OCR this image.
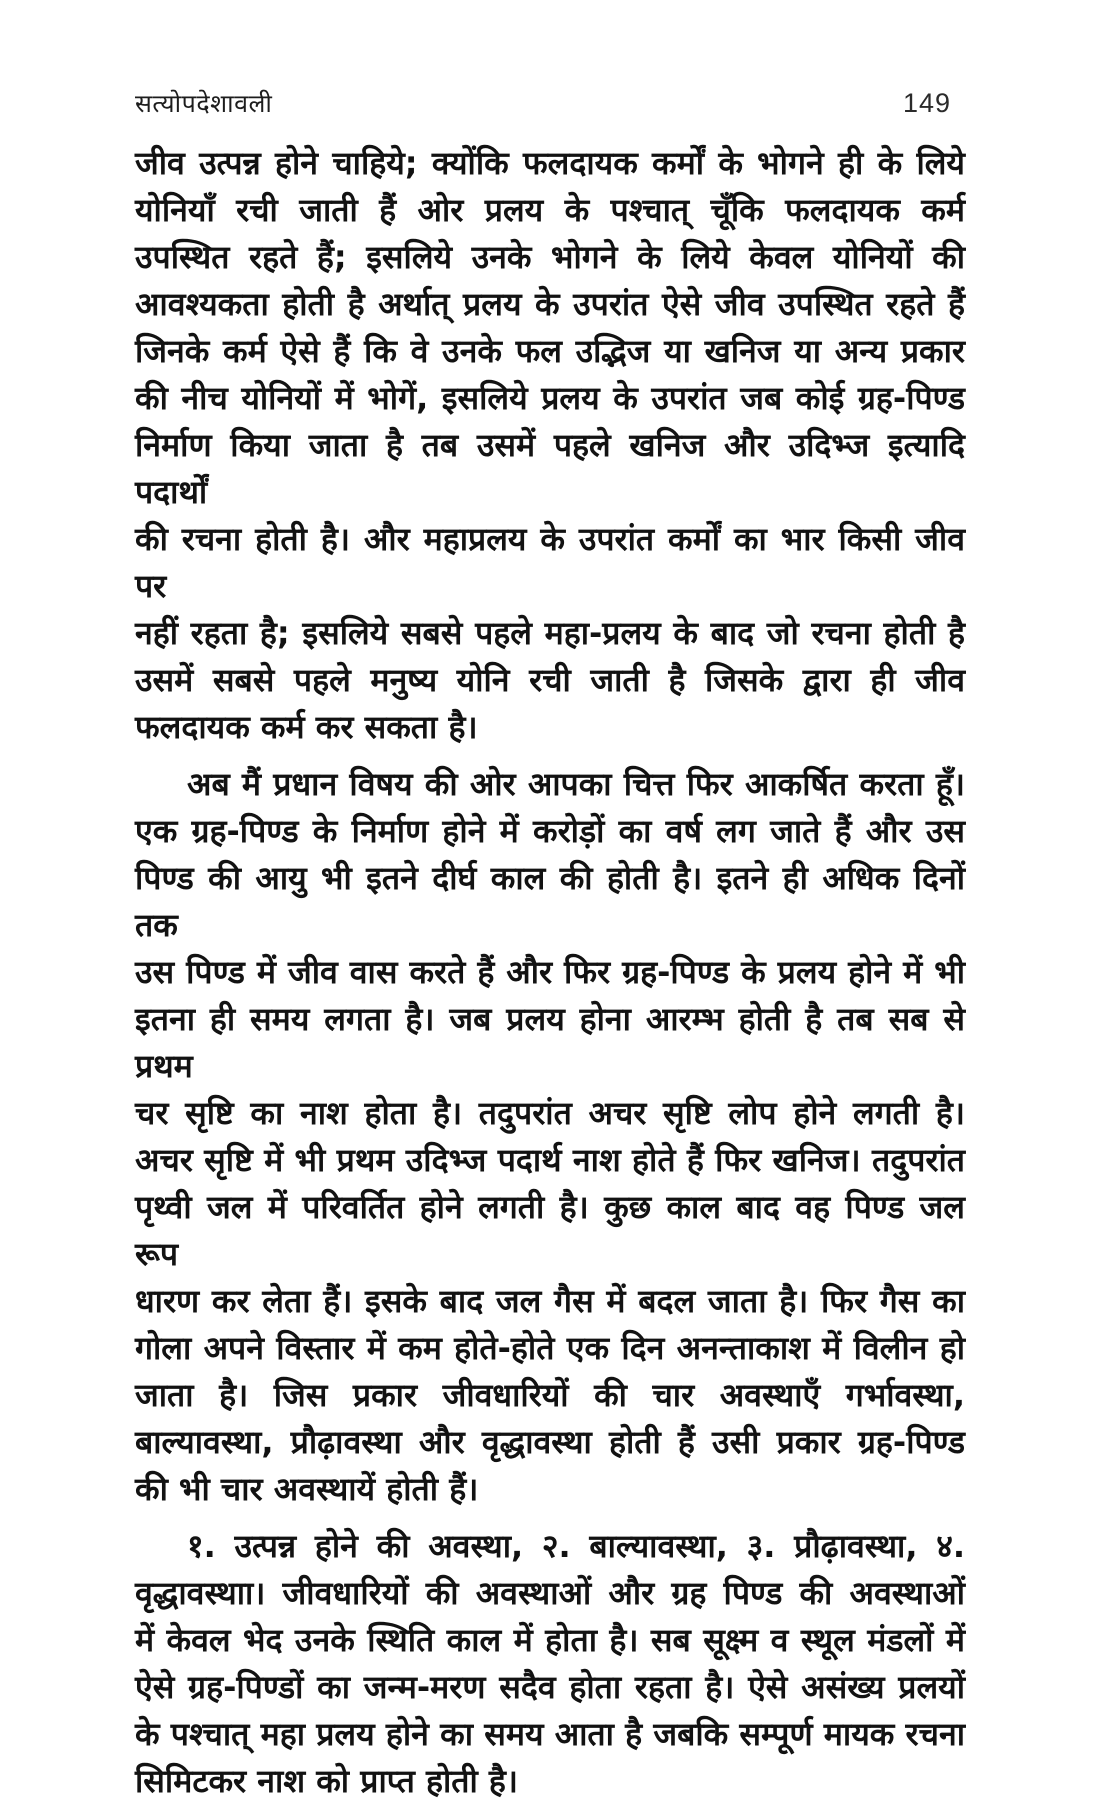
सत्योपदेशावली	149
जीव उत्पन्न होने चाहिये; क्योंकि फलदायक कर्मों के भोगने ही के लिये
योनियाँ रची जाती हैं ओर प्रलय के पश्चात् चूँकि फलदायक कर्म
उपस्थित रहते हैं; इसलिये उनके भोगने के लिये केवल योनियों की
आवश्यकता होती है अर्थात् प्रलय के उपरांत ऐसे जीव उपस्थित रहते हैं
जिनके कर्म ऐसे हैं कि वे उनके फल उद्भिज या खनिज या अन्य प्रकार
की नीच योनियों में भोगें, इसलिये प्रलय के उपरांत जब कोई ग्रह-पिण्ड
निर्माण किया जाता है तब उसमें पहले खनिज और उदिभ्ज इत्यादि पदार्थों
की रचना होती है। और महाप्रलय के उपरांत कर्मों का भार किसी जीव पर
नहीं रहता है; इसलिये सबसे पहले महा-प्रलय के बाद जो रचना होती है
उसमें सबसे पहले मनुष्य योनि रची जाती है जिसके द्वारा ही जीव
फलदायक कर्म कर सकता है।
अब मैं प्रधान विषय की ओर आपका चित्त फिर आकर्षित करता हूँ।
एक ग्रह-पिण्ड के निर्माण होने में करोड़ों का वर्ष लग जाते हैं और उस
पिण्ड की आयु भी इतने दीर्घ काल की होती है। इतने ही अधिक दिनों तक
उस पिण्ड में जीव वास करते हैं और फिर ग्रह-पिण्ड के प्रलय होने में भी
इतना ही समय लगता है। जब प्रलय होना आरम्भ होती है तब सब से प्रथम
चर सृष्टि का नाश होता है। तदुपरांत अचर सृष्टि लोप होने लगती है।
अचर सृष्टि में भी प्रथम उदिभ्ज पदार्थ नाश होते हैं फिर खनिज। तदुपरांत
पृथ्वी जल में परिवर्तित होने लगती है। कुछ काल बाद वह पिण्ड जल रूप
धारण कर लेता हैं। इसके बाद जल गैस में बदल जाता है। फिर गैस का
गोला अपने विस्तार में कम होते-होते एक दिन अनन्ताकाश में विलीन हो
जाता है। जिस प्रकार जीवधारियों की चार अवस्थाएँ गर्भावस्था,
बाल्यावस्था, प्रौढ़ावस्था और वृद्धावस्था होती हैं उसी प्रकार ग्रह-पिण्ड
की भी चार अवस्थायें होती हैं।
१. उत्पन्न होने की अवस्था, २. बाल्यावस्था, ३. प्रौढ़ावस्था, ४.
वृद्धावस्थाा। जीवधारियों की अवस्थाओं और ग्रह पिण्ड की अवस्थाओं
में केवल भेद उनके स्थिति काल में होता है। सब सूक्ष्म व स्थूल मंडलों में
ऐसे ग्रह-पिण्डों का जन्म-मरण सदैव होता रहता है। ऐसे असंख्य प्रलयों
के पश्चात् महा प्रलय होने का समय आता है जबकि सम्पूर्ण मायक रचना
सिमिटकर नाश को प्राप्त होती है।
